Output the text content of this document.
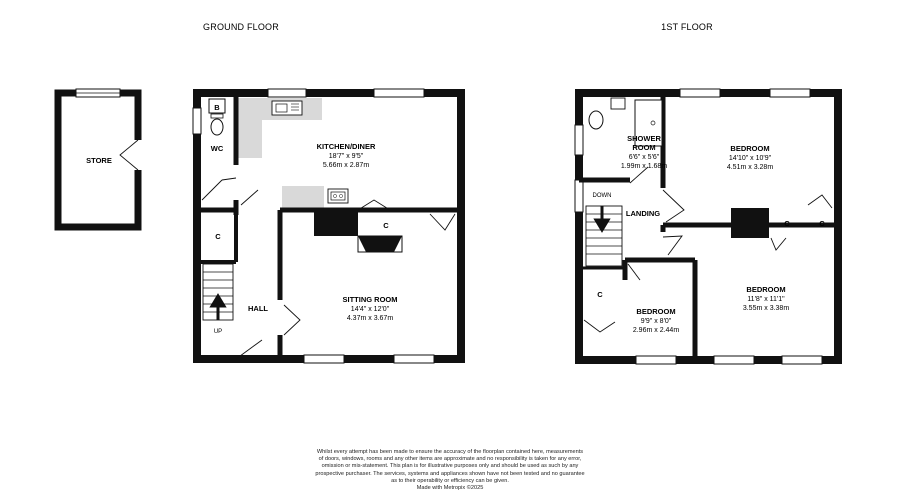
GROUND FLOOR	1ST FLOOR
STORE
C
C
UP
B
WC	KITCHEN/DINER
18'7" x 9'5"
5.66m x 2.87m
SITTING ROOM
14'4" x 12'0"
4.37m x 3.67m
HALL
C	C
C
DOWN
SHOWER
ROOM
6'6" x 5'6"
1.99m x 1.68m
BEDROOM
14'10" x 10'9"
4.51m x 3.28m
LANDING
BEDROOM
11'8" x 11'1"
3.55m x 3.38m
BEDROOM
9'9" x 8'0"
2.96m x 2.44m
Whilst every attempt has been made to ensure the accuracy of the floorplan contained here, measurements
of doors, windows, rooms and any other items are approximate and no responsibility is taken for any error,
omission or mis-statement. This plan is for illustrative purposes only and should be used as such by any
prospective purchaser. The services, systems and appliances shown have not been tested and no guarantee
as to their operability or efficiency can be given.
Made with Metropix ©2025
